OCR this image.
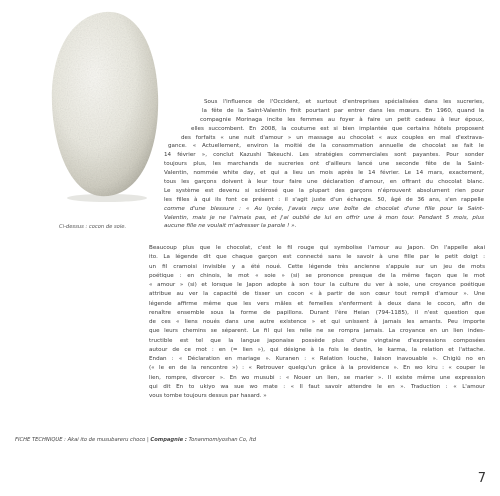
Ci-dessus : cocon de soie.
Sous l'influence de l'Occident, et surtout d'entreprises spécialisées dans les sucreries,
la fête de la Saint-Valentin finit pourtant par entrer dans les mœurs. En 1960, quand la
compagnie Morinaga incite les femmes au foyer à faire un petit cadeau à leur époux,
elles succombent. En 2008, la coutume est si bien implantée que certains hôtels proposent
des forfaits « une nuit d'amour » un massage au chocolat « aux couples en mal d'extrava-
gance. « Actuellement, environ la moitié de la consommation annuelle de chocolat se fait le
14 février », conclut Kazushi Takeuchi. Les stratégies commerciales sont payantes. Pour sonder
toujours plus, les marchands de sucreries ont d'ailleurs lancé une seconde fête de la Saint-
Valentin, nommée white day, et qui a lieu un mois après le 14 février. Le 14 mars, exactement,
tous les garçons doivent à leur tour faire une déclaration d'amour, en offrant du chocolat blanc.
Le système est devenu si sclérosé que la plupart des garçons n'éprouvent absolument rien pour
les filles à qui ils font ce présent : il s'agit juste d'un échange. 50, âgé de 36 ans, s'en rappelle
comme d'une blessure : « Au lycée, j'avais reçu une boîte de chocolat d'une fille pour la Saint-
Valentin, mais je ne l'aimais pas, et j'ai oublié de lui en offrir une à mon tour. Pendant 5 mois, plus
aucune fille ne voulait m'adresser la parole ! ».
Beaucoup plus que le chocolat, c'est le fil rouge qui symbolise l'amour au Japon. On l'appelle akai
ito. La légende dit que chaque garçon est connecté sans le savoir à une fille par le petit doigt :
un fil cramoisi invisible y a été noué. Cette légende très ancienne s'appuie sur un jeu de mots
poétique : en chinois, le mot « soie » (si) se prononce presque de la même façon que le mot
« amour » (si) et lorsque le Japon adopte à son tour la culture du ver à soie, une croyance poétique
attribue au ver la capacité de tisser un cocon « à partir de son cœur tout rempli d'amour ». Une
légende affirme même que les vers mâles et femelles s'enferment à deux dans le cocon, afin de
renaître ensemble sous la forme de papillons. Durant l'ère Heian (794-1185), il n'est question que
de ces « liens noués dans une autre existence » et qui unissent à jamais les amants. Peu importe
que leurs chemins se séparent. Le fil qui les relie ne se rompra jamais. La croyance en un lien indes-
tructible est tel que la langue japonaise possède plus d'une vingtaine d'expressions composées
autour de ce mot : en (= lien »), qui désigne à la fois le destin, le karma, la relation et l'attache.
Endan : « Déclaration en mariage ». Kuranen : « Relation louche, liaison inavouable ». Chigiü no en
(« le en de la rencontre ») : « Retrouver quelqu'un grâce à la providence ». En wo kiru : « couper le
lien, rompre, divorcer ». En wo musubi : « Nouer un lien, se marier ». Il existe même une expression
qui dit En to ukiyo wa sue wo mate : « Il faut savoir attendre le en ». Traduction : « L'amour
vous tombe toujours dessus par hasard. »
FICHE TECHNIQUE : Akai ito de musubareru choco | Compagnie : Tonanmomiyoshan Co, ltd
7
